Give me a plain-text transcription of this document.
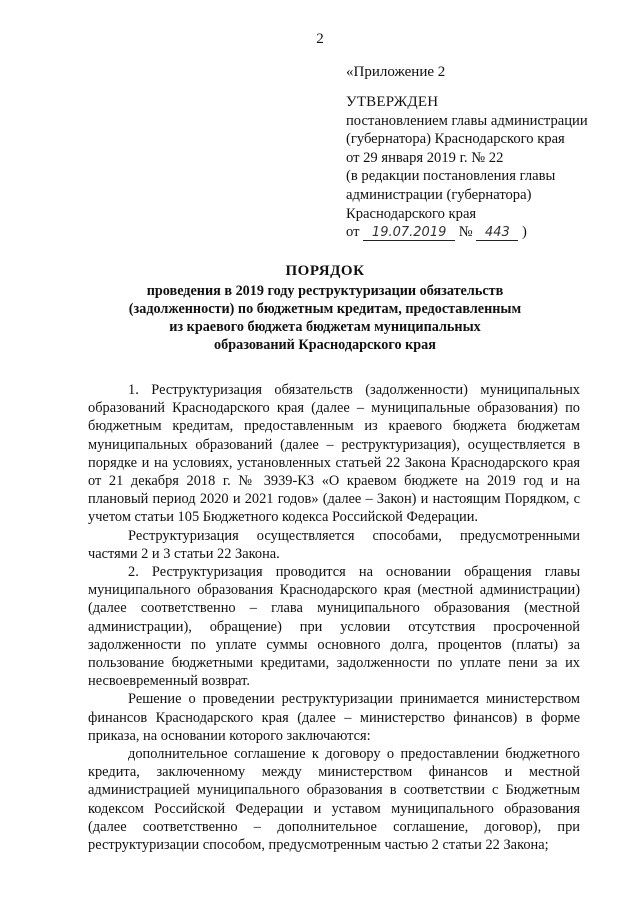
2
«Приложение 2
УТВЕРЖДЕН
постановлением главы администрации
(губернатора) Краснодарского края
от 29 января 2019 г. № 22
(в редакции постановления главы
администрации (губернатора)
Краснодарского края
от 19.07.2019 № 443 )
ПОРЯДОК
проведения в 2019 году реструктуризации обязательств
(задолженности) по бюджетным кредитам, предоставленным
из краевого бюджета бюджетам муниципальных
образований Краснодарского края

1. Реструктуризация обязательств (задолженности) муниципальных образований Краснодарского края (далее – муниципальные образования) по бюджетным кредитам, предоставленным из краевого бюджета бюджетам муниципальных образований (далее – реструктуризация), осуществляется в порядке и на условиях, установленных статьей 22 Закона Краснодарского края от 21 декабря 2018 г. № 3939-КЗ «О краевом бюджете на 2019 год и на плановый период 2020 и 2021 годов» (далее – Закон) и настоящим Порядком, с учетом статьи 105 Бюджетного кодекса Российской Федерации.

Реструктуризация осуществляется способами, предусмотренными частями 2 и 3 статьи 22 Закона.

2. Реструктуризация проводится на основании обращения главы муниципального образования Краснодарского края (местной администрации) (далее соответственно – глава муниципального образования (местной администрации), обращение) при условии отсутствия просроченной задолженности по уплате суммы основного долга, процентов (платы) за пользование бюджетными кредитами, задолженности по уплате пени за их несвоевременный возврат.

Решение о проведении реструктуризации принимается министерством финансов Краснодарского края (далее – министерство финансов) в форме приказа, на основании которого заключаются:

дополнительное соглашение к договору о предоставлении бюджетного кредита, заключенному между министерством финансов и местной администрацией муниципального образования в соответствии с Бюджетным кодексом Российской Федерации и уставом муниципального образования (далее соответственно – дополнительное соглашение, договор), при реструктуризации способом, предусмотренным частью 2 статьи 22 Закона;
